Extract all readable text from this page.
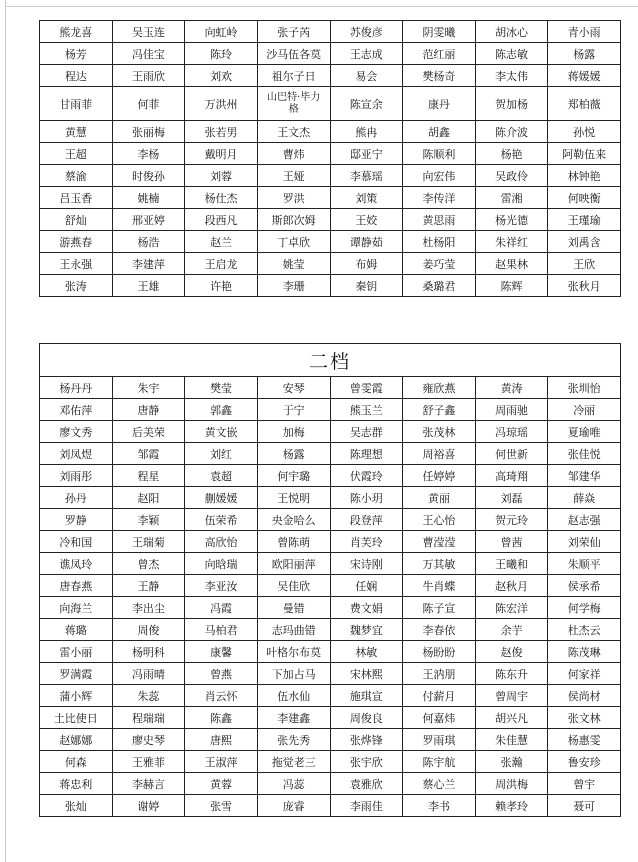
熊龙喜	吴玉连	向虹岭	张子芮	苏俊彦	阴雯曦	胡冰心	青小雨
杨芳	冯佳宝	陈玲	沙马伍各莫	王志成	范红丽	陈志敏	杨露
程达	王雨欣	刘欢	祖尔子日	易会	樊杨奇	李太伟	蒋媛媛
甘雨菲	何菲	万洪州	山巴特·毕力格	陈宣余	康丹	贺加杨	郑柏薇
黄慧	张丽梅	张若男	王文杰	熊冉	胡鑫	陈介波	孙悦
王超	李杨	戴明月	曹炜	邸亚宁	陈顺利	杨艳	阿勒伍来
蔡渝	时俊孙	刘蓉	王娅	李慕瑶	向宏伟	吴政伶	林钟艳
吕玉香	姚楠	杨仕杰	罗洪	刘策	李传洋	雷湘	何映衡
舒灿	邢亚婷	段西凡	斯郎次姆	王姣	黄思雨	杨光德	王瑾瑜
游燕春	杨浩	赵兰	丁卓欣	谭静茹	杜杨阳	朱祥红	刘禹含
王永强	李建萍	王启龙	姚莹	布姆	姜巧莹	赵果林	王欣
张涛	王雄	许艳	李珊	秦钥	桑璐君	陈辉	张秋月
二档							
杨丹丹	朱宇	樊莹	安琴	曾雯霞	雍欣燕	黄涛	张圳怡
邓佑萍	唐静	郭鑫	于宁	熊玉兰	舒子鑫	周雨驰	冷丽
廖文秀	后美荣	黄文嵌	加梅	吴志群	张茂林	冯琼瑶	夏瑜唯
刘凤煜	邹霞	刘红	杨露	陈理想	周裕喜	何世新	张佳悦
刘雨彤	程星	袁超	何宇璐	伏霞玲	任婷婷	高琦翔	邹建华
孙丹	赵阳	蒯媛媛	王悦明	陈小玥	黄丽	刘磊	薛焱
罗静	李颖	伍荣希	央金哈么	段登萍	王心怡	贺元玲	赵志强
冷和国	王瑞菊	高欣怡	曾陈萌	肖芙玲	曹滢滢	曾茜	刘荣仙
谯凤玲	曾杰	向晗瑞	欧阳丽萍	宋诗刚	万其敏	王曦和	朱顺平
唐春燕	王静	李亚汝	吴佳欣	任娴	牛肖蝶	赵秋月	侯承希
向海兰	李出尘	冯霞	曼错	费文娟	陈子宣	陈宏洋	何学梅
蒋璐	周俊	马柏君	志玛曲错	魏梦宜	李春依	余芋	杜杰云
雷小丽	杨明科	康馨	叶格尔布莫	林敏	杨盼盼	赵俊	陈茂琳
罗满霞	冯雨晴	曾燕	下加占马	宋林熙	王汭朋	陈东升	何家祥
蒲小辉	朱蕊	肖云怀	伍水仙	施琪宣	付薪月	曾周宇	侯尚材
土比使日	程瑞瑞	陈鑫	李建鑫	周俊良	何嘉炜	胡兴凡	张文林
赵娜娜	廖史琴	唐熙	张先秀	张烨锋	罗雨琪	朱佳慧	杨惠雯
何森	王雅菲	王淑萍	拖觉老三	张宇欣	陈宇航	张瀚	鲁安珍
蒋忠利	李赫言	黄蓉	冯蕊	袁雅欣	蔡心兰	周洪梅	曾宇
张灿	谢婷	张雪	庞睿	李雨佳	李书	赖孝玲	聂可
